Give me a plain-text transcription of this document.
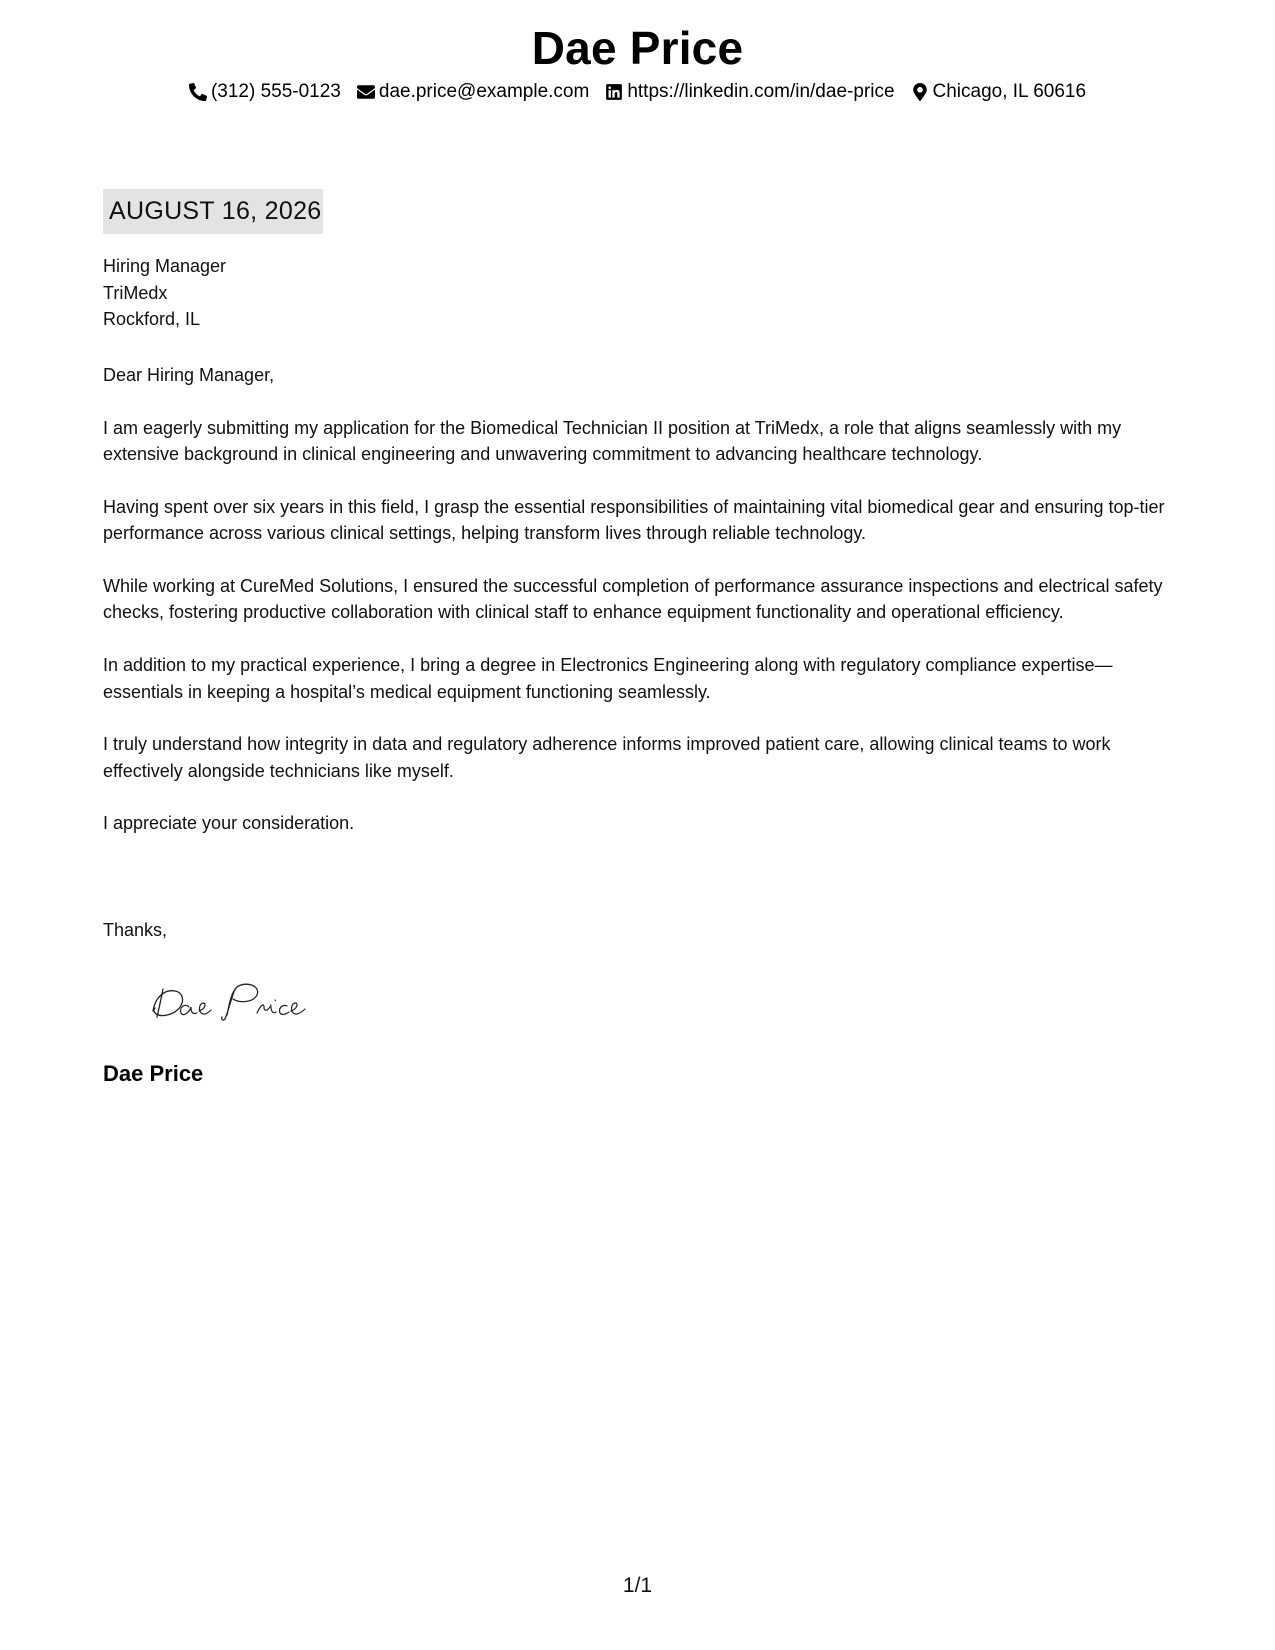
Dae Price
(312) 555-0123 dae.price@example.com https://linkedin.com/in/dae-price Chicago, IL 60616
AUGUST 16, 2026
Hiring Manager
TriMedx
Rockford, IL
Dear Hiring Manager,

I am eagerly submitting my application for the Biomedical Technician II position at TriMedx, a role that aligns seamlessly with my extensive background in clinical engineering and unwavering commitment to advancing healthcare technology.

Having spent over six years in this field, I grasp the essential responsibilities of maintaining vital biomedical gear and ensuring top-tier performance across various clinical settings, helping transform lives through reliable technology.

While working at CureMed Solutions, I ensured the successful completion of performance assurance inspections and electrical safety checks, fostering productive collaboration with clinical staff to enhance equipment functionality and operational efficiency.

In addition to my practical experience, I bring a degree in Electronics Engineering along with regulatory compliance expertise—essentials in keeping a hospital’s medical equipment functioning seamlessly.

I truly understand how integrity in data and regulatory adherence informs improved patient care, allowing clinical teams to work effectively alongside technicians like myself.

I appreciate your consideration.

Thanks,
Dae Price
1/1
